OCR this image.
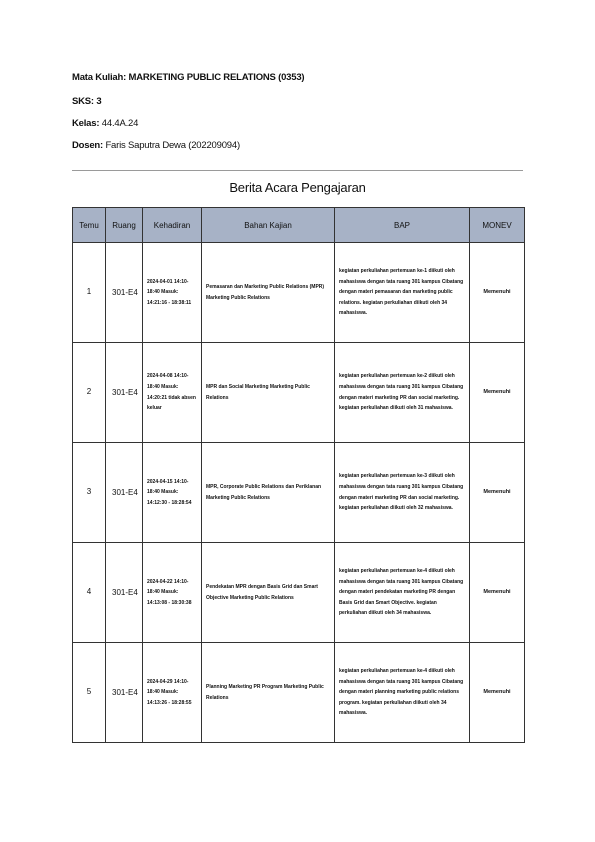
Mata Kuliah: MARKETING PUBLIC RELATIONS (0353)
SKS: 3
Kelas: 44.4A.24
Dosen: Faris Saputra Dewa (202209094)
Berita Acara Pengajaran
Temu	Ruang	Kehadiran	Bahan Kajian	BAP	MONEV
1	301-E4	2024-04-01 14:10-18:40 Masuk: 14:21:16 - 18:38:11	Pemasaran dan Marketing Public Relations (MPR) Marketing Public Relations	kegiatan perkuliahan pertemuan ke-1 diikuti oleh mahasiswa dengan tata ruang 301 kampus Cibatang dengan materi pemasaran dan marketing public relations. kegiatan perkuliahan diikuti oleh 34 mahasiswa.	Memenuhi
2	301-E4	2024-04-08 14:10-18:40 Masuk: 14:20:21 tidak absen keluar	MPR dan Social Marketing Marketing Public Relations	kegiatan perkuliahan pertemuan ke-2 diikuti oleh mahasiswa dengan tata ruang 301 kampus Cibatang dengan materi marketing PR dan social marketing. kegiatan perkuliahan diikuti oleh 31 mahasiswa.	Memenuhi
3	301-E4	2024-04-15 14:10-18:40 Masuk: 14:12:30 - 18:28:54	MPR, Corporate Public Relations dan Periklanan Marketing Public Relations	kegiatan perkuliahan pertemuan ke-3 diikuti oleh mahasiswa dengan tata ruang 301 kampus Cibatang dengan materi marketing PR dan social marketing. kegiatan perkuliahan diikuti oleh 32 mahasiswa.	Memenuhi
4	301-E4	2024-04-22 14:10-18:40 Masuk: 14:13:08 - 18:30:38	Pendekatan MPR dengan Basis Grid dan Smart Objective Marketing Public Relations	kegiatan perkuliahan pertemuan ke-4 diikuti oleh mahasiswa dengan tata ruang 301 kampus Cibatang dengan materi pendekatan marketing PR dengan Basis Grid dan Smart Objective. kegiatan perkuliahan diikuti oleh 34 mahasiswa.	Memenuhi
5	301-E4	2024-04-29 14:10-18:40 Masuk: 14:13:26 - 18:28:55	Planning Marketing PR Program Marketing Public Relations	kegiatan perkuliahan pertemuan ke-4 diikuti oleh mahasiswa dengan tata ruang 301 kampus Cibatang dengan materi planning marketing public relations program. kegiatan perkuliahan diikuti oleh 34 mahasiswa.	Memenuhi
